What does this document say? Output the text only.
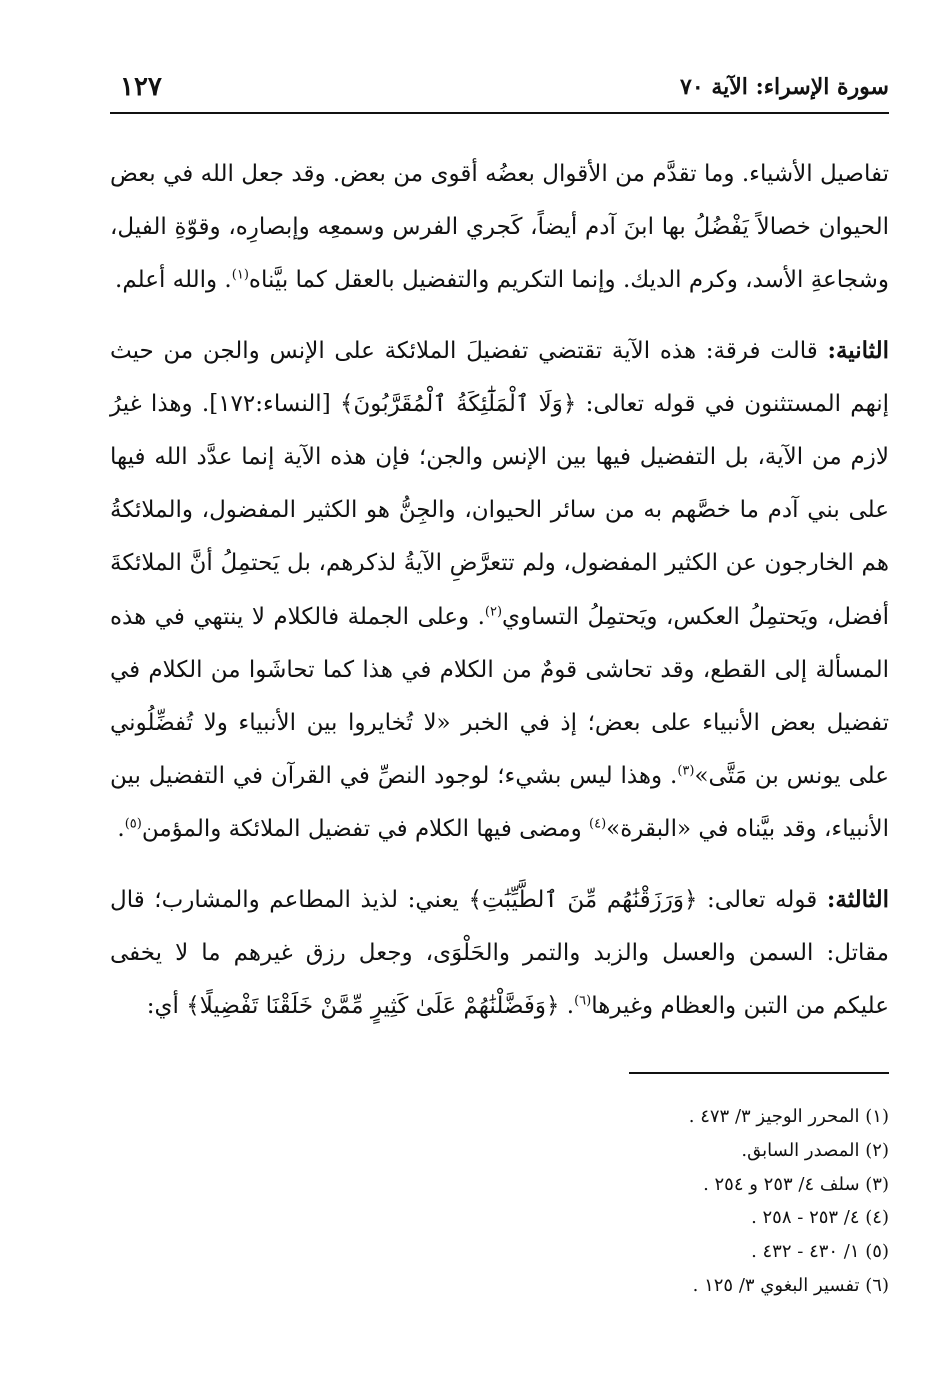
سورة الإسراء: الآية ٧٠
١٢٧

تفاصيل الأشياء. وما تقدَّم من الأقوال بعضُه أقوى من بعض. وقد جعل الله في بعض الحيوان خصالاً يَفْضُلُ بها ابنَ آدم أيضاً، كَجري الفرس وسمعِه وإبصارِه، وقوّةِ الفيل، وشجاعةِ الأسد، وكرم الديك. وإنما التكريم والتفضيل بالعقل كما بيَّناه$^{(١)}$. والله أعلم.

الثانية: قالت فرقة: هذه الآية تقتضي تفضيلَ الملائكة على الإنس والجن من حيث إنهم المستثنون في قوله تعالى: ﴿وَلَا ٱلْمَلَٰٓئِكَةُ ٱلْمُقَرَّبُونَ﴾ [النساء:١٧٢]. وهذا غيرُ لازم من الآية، بل التفضيل فيها بين الإنس والجن؛ فإن هذه الآية إنما عدَّد الله فيها على بني آدم ما خصَّهم به من سائر الحيوان، والجِنُّ هو الكثير المفضول، والملائكةُ هم الخارجون عن الكثير المفضول، ولم تتعرَّضِ الآيةُ لذكرهم، بل يَحتمِلُ أنَّ الملائكةَ أفضل، ويَحتمِلُ العكس، ويَحتمِلُ التساوي$^{(٢)}$. وعلى الجملة فالكلام لا ينتهي في هذه المسألة إلى القطع، وقد تحاشى قومٌ من الكلام في هذا كما تحاشَوا من الكلام في تفضيل بعض الأنبياء على بعض؛ إذ في الخبر «لا تُخايروا بين الأنبياء ولا تُفضِّلُوني على يونس بن مَتَّى»$^{(٣)}$. وهذا ليس بشيء؛ لوجود النصِّ في القرآن في التفضيل بين الأنبياء، وقد بيَّناه في «البقرة»$^{(٤)}$ ومضى فيها الكلام في تفضيل الملائكة والمؤمن$^{(٥)}$.

الثالثة: قوله تعالى: ﴿وَرَزَقْنَٰهُم مِّنَ ٱلطَّيِّبَٰتِ﴾ يعني: لذيذ المطاعم والمشارب؛ قال مقاتل: السمن والعسل والزبد والتمر والحَلْوَى، وجعل رزق غيرهم ما لا يخفى عليكم من التبن والعظام وغيرها$^{(٦)}$. ﴿وَفَضَّلْنَٰهُمْ عَلَىٰ كَثِيرٍ مِّمَّنْ خَلَقْنَا تَفْضِيلًا﴾ أي:

(١) المحرر الوجيز ٣/ ٤٧٣ .
(٢) المصدر السابق.
(٣) سلف ٤/ ٢٥٣ و ٢٥٤ .
(٤) ٤/ ٢٥٣ - ٢٥٨ .
(٥) ١/ ٤٣٠ - ٤٣٢ .
(٦) تفسير البغوي ٣/ ١٢٥ .
